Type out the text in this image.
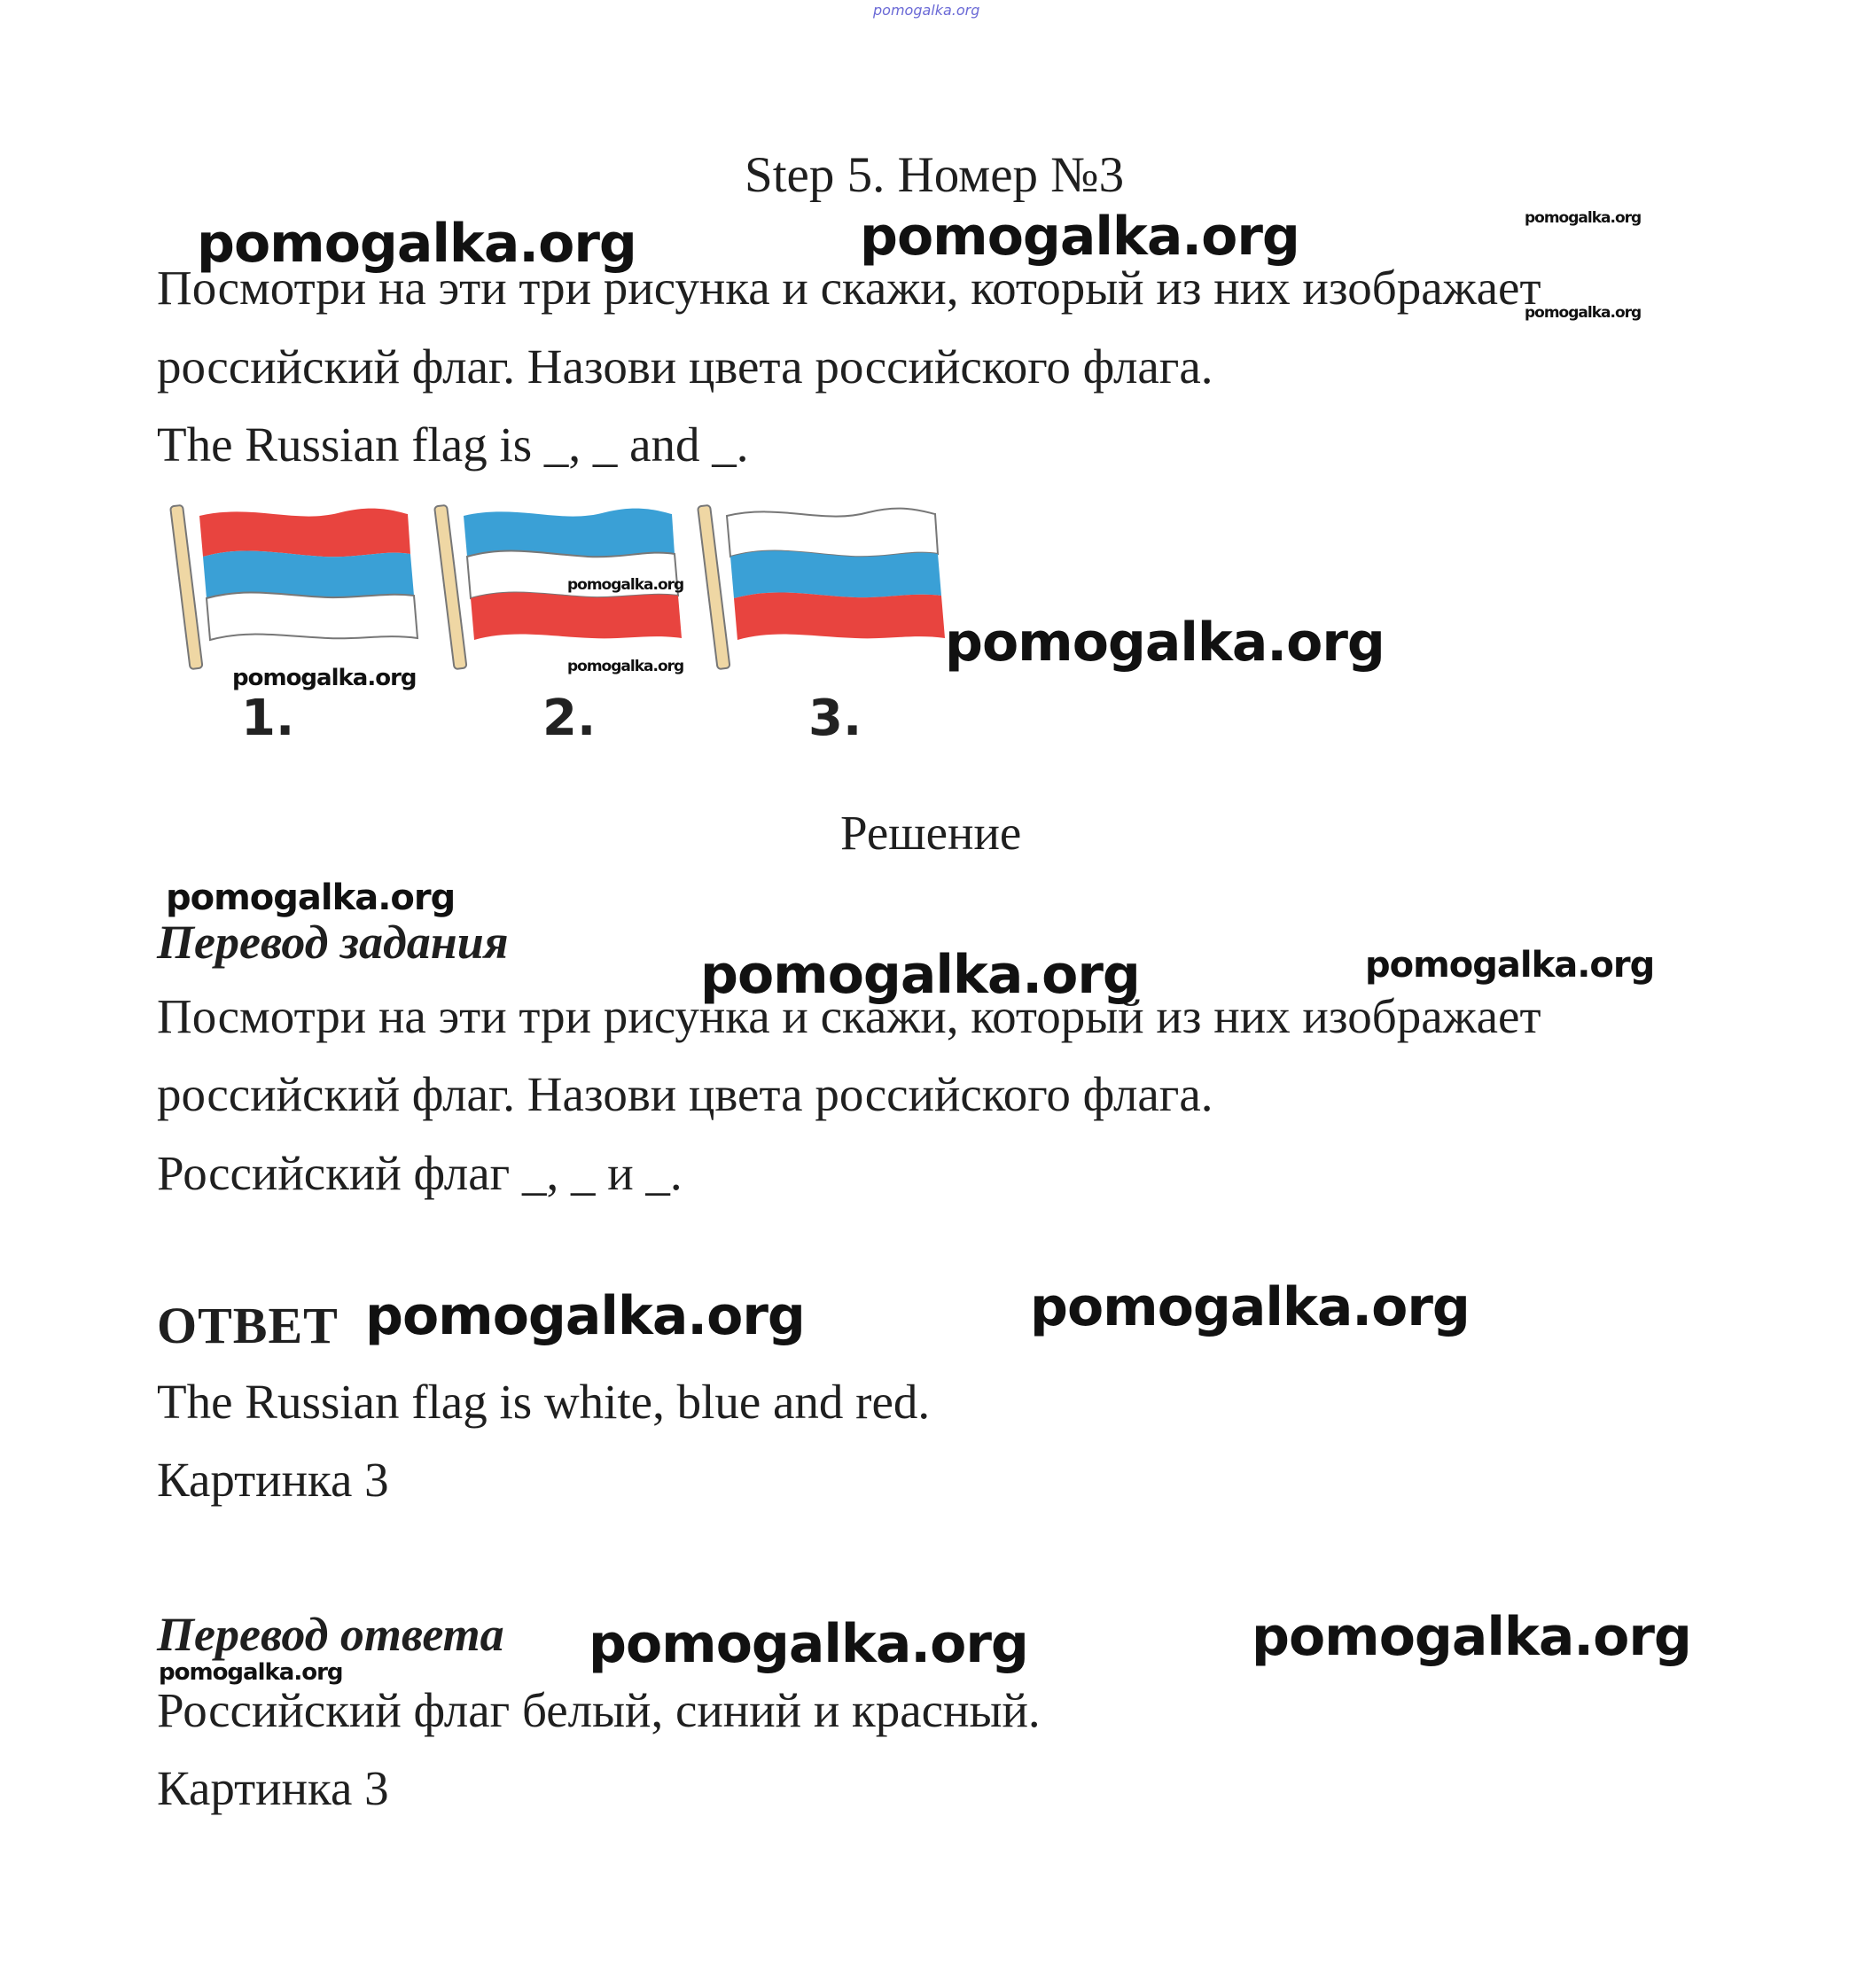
pomogalka.org
Step 5. Номер №3
Посмотри на эти три рисунка и скажи, который из них изображает
российский флаг. Назови цвета российского флага.
The Russian flag is _, _ and _.
1.	2.	3.
Решение
Перевод задания
Посмотри на эти три рисунка и скажи, который из них изображает
российский флаг. Назови цвета российского флага.
Российский флаг _, _ и _.
ОТВЕТ
The Russian flag is white, blue and red.
Картинка 3
Перевод ответа
Российский флаг белый, синий и красный.
Картинка 3
pomogalka.org	pomogalka.org	pomogalka.org
pomogalka.org
pomogalka.org
pomogalka.org	pomogalka.org
pomogalka.org
pomogalka.org
pomogalka.org	pomogalka.org
pomogalka.org	pomogalka.org
pomogalka.org	pomogalka.org
pomogalka.org
